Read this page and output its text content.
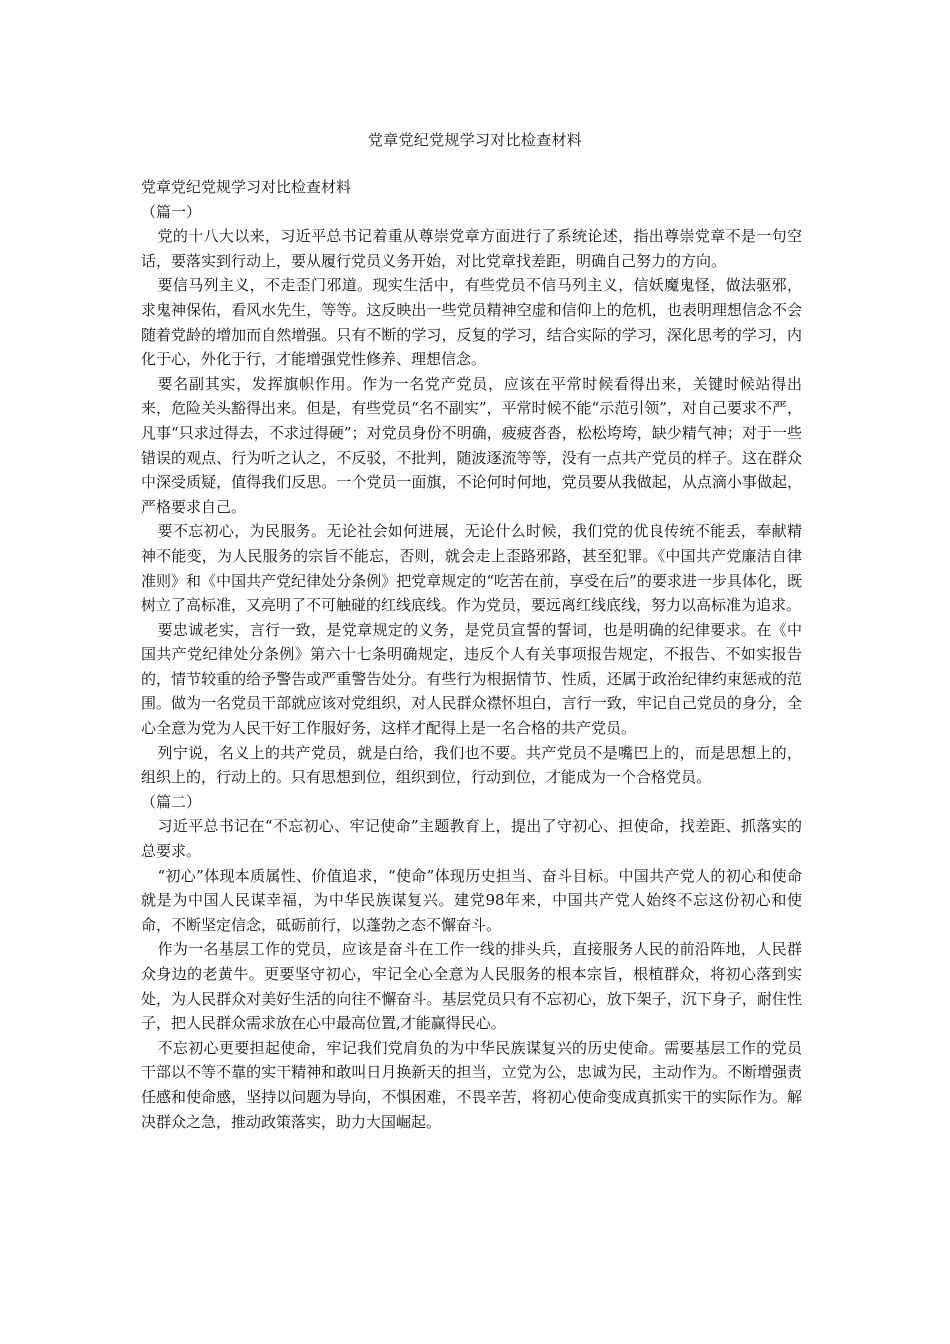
党章党纪党规学习对比检查材料

党章党纪党规学习对比检查材料

（篇一）

党的十八大以来，习近平总书记着重从尊崇党章方面进行了系统论述，指出尊崇党章不是一句空话，要落实到行动上，要从履行党员义务开始，对比党章找差距，明确自己努力的方向。

要信马列主义，不走歪门邪道。现实生活中，有些党员不信马列主义，信妖魔鬼怪，做法驱邪，求鬼神保佑，看风水先生，等等。这反映出一些党员精神空虚和信仰上的危机，也表明理想信念不会随着党龄的增加而自然增强。只有不断的学习，反复的学习，结合实际的学习，深化思考的学习，内化于心，外化于行，才能增强党性修养、理想信念。

要名副其实，发挥旗帜作用。作为一名党产党员，应该在平常时候看得出来，关键时候站得出来，危险关头豁得出来。但是，有些党员“名不副实”，平常时候不能“示范引领”，对自己要求不严，凡事“只求过得去，不求过得硬”；对党员身份不明确，疲疲沓沓，松松垮垮，缺少精气神；对于一些错误的观点、行为听之认之，不反驳，不批判，随波逐流等等，没有一点共产党员的样子。这在群众中深受质疑，值得我们反思。一个党员一面旗，不论何时何地，党员要从我做起，从点滴小事做起，严格要求自己。

要不忘初心，为民服务。无论社会如何进展，无论什么时候，我们党的优良传统不能丢，奉献精神不能变，为人民服务的宗旨不能忘，否则，就会走上歪路邪路，甚至犯罪。《中国共产党廉洁自律准则》和《中国共产党纪律处分条例》把党章规定的“吃苦在前，享受在后”的要求进一步具体化，既树立了高标准，又亮明了不可触碰的红线底线。作为党员，要远离红线底线，努力以高标准为追求。

要忠诚老实，言行一致，是党章规定的义务，是党员宣誓的誓词，也是明确的纪律要求。在《中国共产党纪律处分条例》第六十七条明确规定，违反个人有关事项报告规定，不报告、不如实报告的，情节较重的给予警告或严重警告处分。有些行为根据情节、性质，还属于政治纪律约束惩戒的范围。做为一名党员干部就应该对党组织，对人民群众襟怀坦白，言行一致，牢记自己党员的身分，全心全意为党为人民干好工作服好务，这样才配得上是一名合格的共产党员。

列宁说，名义上的共产党员，就是白给，我们也不要。共产党员不是嘴巴上的，而是思想上的，组织上的，行动上的。只有思想到位，组织到位，行动到位，才能成为一个合格党员。

（篇二）

习近平总书记在“不忘初心、牢记使命”主题教育上，提出了守初心、担使命，找差距、抓落实的总要求。

“初心”体现本质属性、价值追求，“使命”体现历史担当、奋斗目标。中国共产党人的初心和使命就是为中国人民谋幸福，为中华民族谋复兴。建党98年来，中国共产党人始终不忘这份初心和使命，不断坚定信念，砥砺前行，以蓬勃之态不懈奋斗。

作为一名基层工作的党员，应该是奋斗在工作一线的排头兵，直接服务人民的前沿阵地，人民群众身边的老黄牛。更要坚守初心，牢记全心全意为人民服务的根本宗旨，根植群众，将初心落到实处，为人民群众对美好生活的向往不懈奋斗。基层党员只有不忘初心，放下架子，沉下身子，耐住性子，把人民群众需求放在心中最高位置,才能赢得民心。

不忘初心更要担起使命，牢记我们党肩负的为中华民族谋复兴的历史使命。需要基层工作的党员干部以不等不靠的实干精神和敢叫日月换新天的担当，立党为公，忠诚为民，主动作为。不断增强责任感和使命感，坚持以问题为导向，不惧困难，不畏辛苦，将初心使命变成真抓实干的实际作为。解决群众之急，推动政策落实，助力大国崛起。
